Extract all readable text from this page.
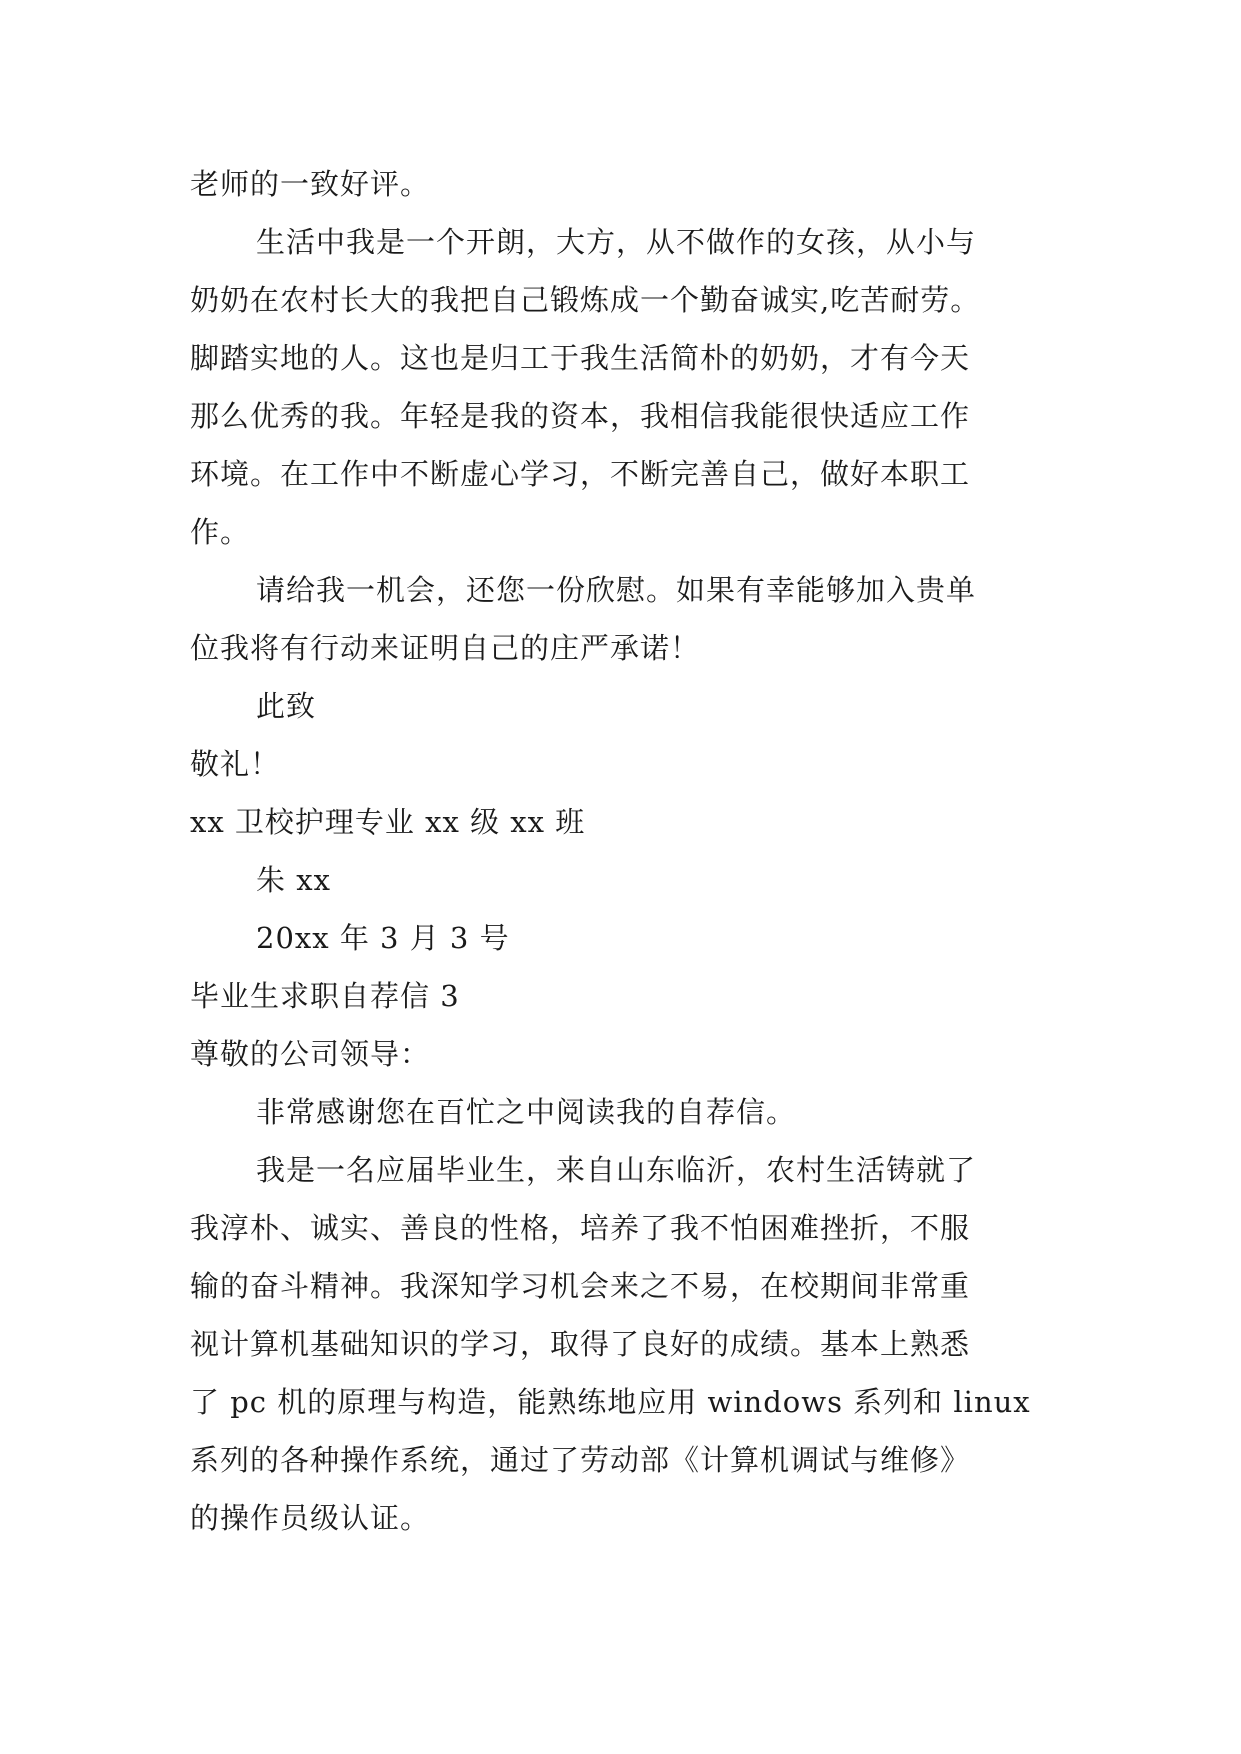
老师的一致好评。
生活中我是一个开朗，大方，从不做作的女孩，从小与
奶奶在农村长大的我把自己锻炼成一个勤奋诚实,吃苦耐劳。
脚踏实地的人。这也是归工于我生活简朴的奶奶，才有今天
那么优秀的我。年轻是我的资本，我相信我能很快适应工作
环境。在工作中不断虚心学习，不断完善自己，做好本职工
作。
请给我一机会，还您一份欣慰。如果有幸能够加入贵单
位我将有行动来证明自己的庄严承诺！
此致
敬礼！
xx 卫校护理专业 xx 级 xx 班
朱 xx
20xx 年 3 月 3 号
毕业生求职自荐信 3
尊敬的公司领导：
非常感谢您在百忙之中阅读我的自荐信。
我是一名应届毕业生，来自山东临沂，农村生活铸就了
我淳朴、诚实、善良的性格，培养了我不怕困难挫折，不服
输的奋斗精神。我深知学习机会来之不易，在校期间非常重
视计算机基础知识的学习，取得了良好的成绩。基本上熟悉
了 pc 机的原理与构造，能熟练地应用 windows 系列和 linux
系列的各种操作系统，通过了劳动部《计算机调试与维修》
的操作员级认证。
